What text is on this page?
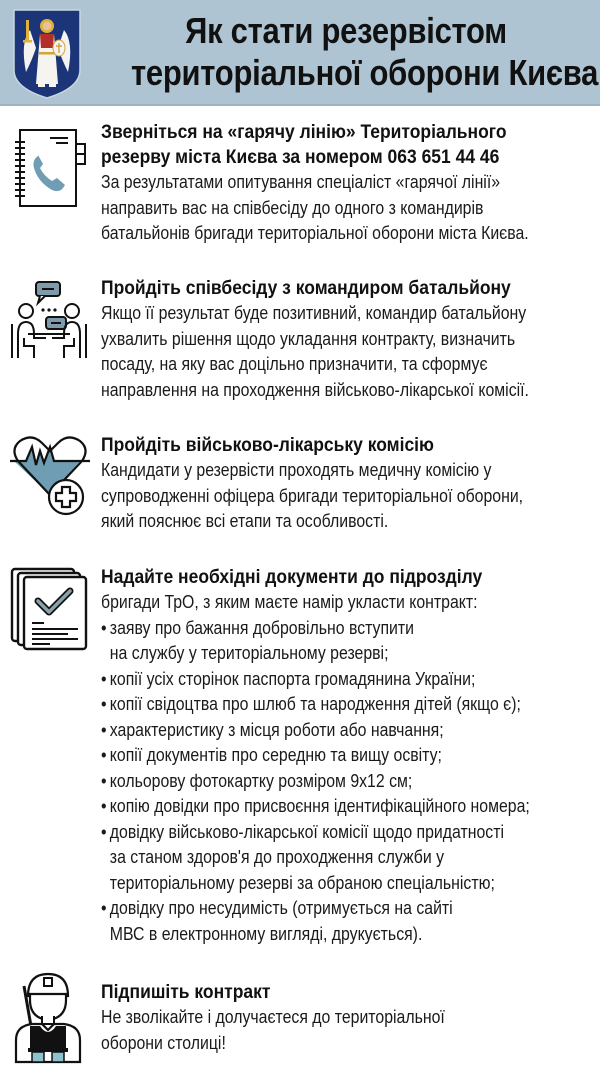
Як стати резервістом
територіальної оборони Києва
Зверніться на «гарячу лінію» Територіального
резерву міста Києва за номером 063 651 44 46

За результатами опитування спеціаліст «гарячої лінії»

направить вас на співбесіду до одного з командирів

батальйонів бригади територіальної оборони міста Києва.

Пройдіть співбесіду з командиром батальйону

Якщо її результат буде позитивний, командир батальйону

ухвалить рішення щодо укладання контракту, визначить

посаду, на яку вас доцільно призначити, та сформує

направлення на проходження військово-лікарської комісії.

Пройдіть військово-лікарську комісію

Кандидати у резервісти проходять медичну комісію у

супроводженні офіцера бригади територіальної оборони,

який пояснює всі етапи та особливості.

Надайте необхідні документи до підрозділу

бригади ТрО, з яким маєте намір укласти контракт:

• заяву про бажання добровільно вступити
на службу у територіальному резерві;
• копії усіх сторінок паспорта громадянина України;
• копії свідоцтва про шлюб та народження дітей (якщо є);
• характеристику з місця роботи або навчання;
• копії документів про середню та вищу освіту;
• кольорову фотокартку розміром 9х12 см;
• копію довідки про присвоєння ідентифікаційного номера;
• довідку військово-лікарської комісії щодо придатності
за станом здоров'я до проходження служби у
територіальному резерві за обраною спеціальністю;
• довідку про несудимість (отримується на сайті
МВС в електронному вигляді, друкується).
Підпишіть контракт

Не зволікайте і долучаєтеся до територіальної

оборони столиці!
